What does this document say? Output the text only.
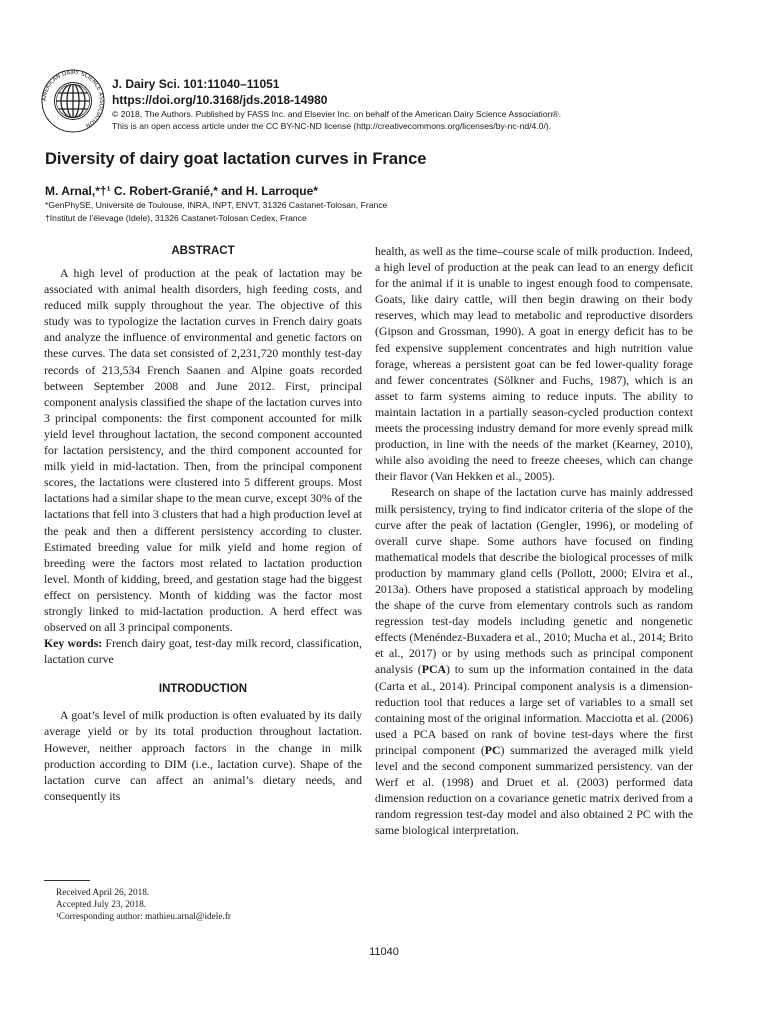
AMERICAN DAIRY SCIENCE ASSOCIATION
J. Dairy Sci. 101:11040–11051
https://doi.org/10.3168/jds.2018-14980
© 2018, The Authors. Published by FASS Inc. and Elsevier Inc. on behalf of the American Dairy Science Association®.
This is an open access article under the CC BY-NC-ND license (http://creativecommons.org/licenses/by-nc-nd/4.0/).
Diversity of dairy goat lactation curves in France
M. Arnal,*†¹ C. Robert-Granié,* and H. Larroque*
*GenPhySE, Université de Toulouse, INRA, INPT, ENVT, 31326 Castanet-Tolosan, France
†Institut de l’élevage (Idele), 31326 Castanet-Tolosan Cedex, France
ABSTRACT

A high level of production at the peak of lactation may be associated with animal health disorders, high feeding costs, and reduced milk supply throughout the year. The objective of this study was to typologize the lactation curves in French dairy goats and analyze the influence of environmental and genetic factors on these curves. The data set consisted of 2,231,720 monthly test-day records of 213,534 French Saanen and Alpine goats recorded between September 2008 and June 2012. First, principal component analysis classified the shape of the lactation curves into 3 principal components: the first component accounted for milk yield level throughout lactation, the second component accounted for lactation persistency, and the third component accounted for milk yield in mid-lactation. Then, from the principal component scores, the lactations were clustered into 5 different groups. Most lactations had a similar shape to the mean curve, except 30% of the lactations that fell into 3 clusters that had a high production level at the peak and then a different persistency according to cluster. Estimated breeding value for milk yield and home region of breeding were the factors most related to lactation production level. Month of kidding, breed, and gestation stage had the biggest effect on persistency. Month of kidding was the factor most strongly linked to mid-lactation production. A herd effect was observed on all 3 principal components.

Key words: French dairy goat, test-day milk record, classification, lactation curve

INTRODUCTION

A goat’s level of milk production is often evaluated by its daily average yield or by its total production throughout lactation. However, neither approach factors in the change in milk production according to DIM (i.e., lactation curve). Shape of the lactation curve can affect an animal’s dietary needs, and consequently its

health, as well as the time–course scale of milk production. Indeed, a high level of production at the peak can lead to an energy deficit for the animal if it is unable to ingest enough food to compensate. Goats, like dairy cattle, will then begin drawing on their body reserves, which may lead to metabolic and reproductive disorders (Gipson and Grossman, 1990). A goat in energy deficit has to be fed expensive supplement concentrates and high nutrition value forage, whereas a persistent goat can be fed lower-quality forage and fewer concentrates (Sölkner and Fuchs, 1987), which is an asset to farm systems aiming to reduce inputs. The ability to maintain lactation in a partially season-cycled production context meets the processing industry demand for more evenly spread milk production, in line with the needs of the market (Kearney, 2010), while also avoiding the need to freeze cheeses, which can change their flavor (Van Hekken et al., 2005).

Research on shape of the lactation curve has mainly addressed milk persistency, trying to find indicator criteria of the slope of the curve after the peak of lactation (Gengler, 1996), or modeling of overall curve shape. Some authors have focused on finding mathematical models that describe the biological processes of milk production by mammary gland cells (Pollott, 2000; Elvira et al., 2013a). Others have proposed a statistical approach by modeling the shape of the curve from elementary controls such as random regression test-day models including genetic and nongenetic effects (Menéndez-Buxadera et al., 2010; Mucha et al., 2014; Brito et al., 2017) or by using methods such as principal component analysis (PCA) to sum up the information contained in the data (Carta et al., 2014). Principal component analysis is a dimension-reduction tool that reduces a large set of variables to a small set containing most of the original information. Macciotta et al. (2006) used a PCA based on rank of bovine test-days where the first principal component (PC) summarized the averaged milk yield level and the second component summarized persistency. van der Werf et al. (1998) and Druet et al. (2003) performed data dimension reduction on a covariance genetic matrix derived from a random regression test-day model and also obtained 2 PC with the same biological interpretation.

Received April 26, 2018.
Accepted July 23, 2018.
¹Corresponding author: mathieu.arnal@idele.fr
11040
